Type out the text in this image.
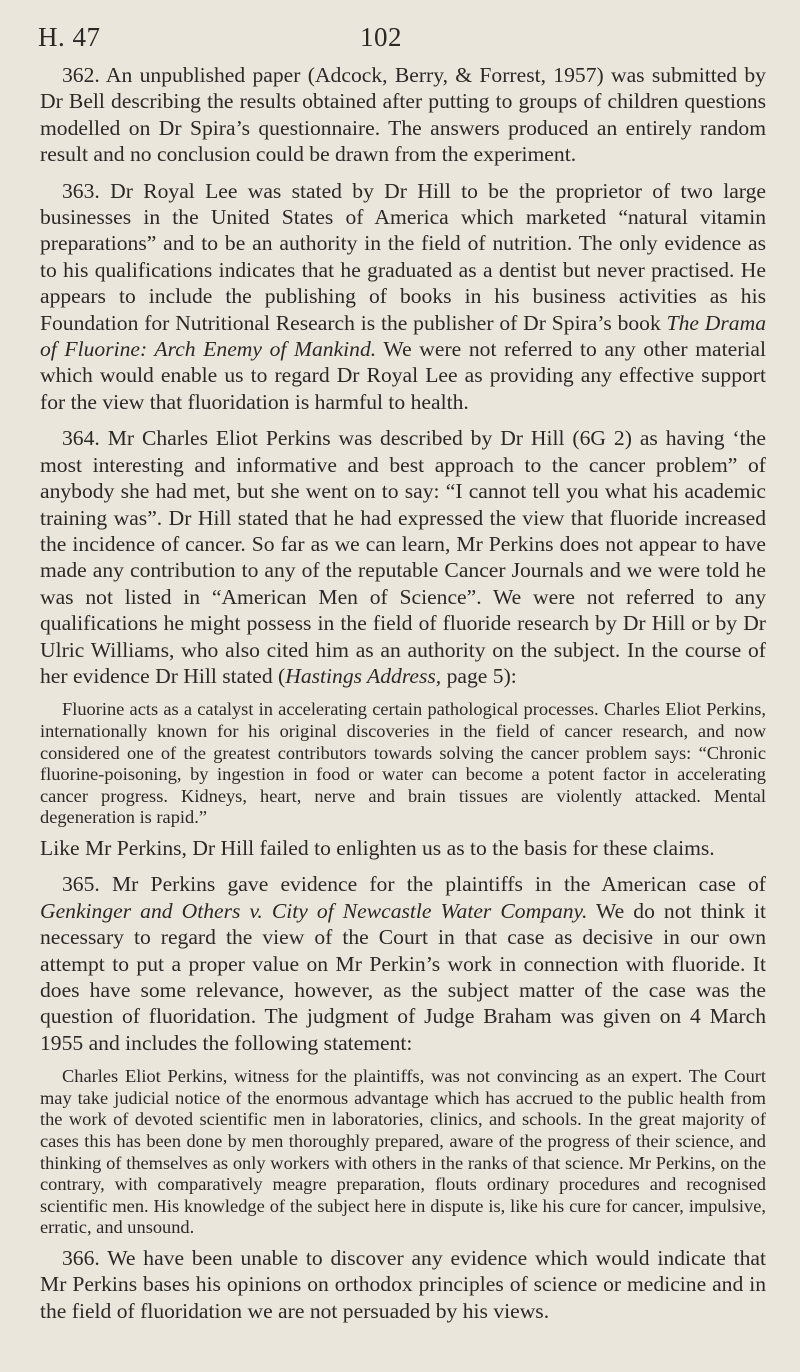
H. 47	102

362. An unpublished paper (Adcock, Berry, & Forrest, 1957) was submitted by Dr Bell describing the results obtained after putting to groups of children questions modelled on Dr Spira’s questionnaire. The answers produced an entirely random result and no conclusion could be drawn from the experiment.

363. Dr Royal Lee was stated by Dr Hill to be the proprietor of two large businesses in the United States of America which marketed “natural vitamin preparations” and to be an authority in the field of nutrition. The only evidence as to his qualifications indicates that he graduated as a dentist but never practised. He appears to include the publishing of books in his business activities as his Foundation for Nutritional Research is the publisher of Dr Spira’s book The Drama of Fluorine: Arch Enemy of Mankind. We were not referred to any other material which would enable us to regard Dr Royal Lee as providing any effective support for the view that fluoridation is harmful to health.

364. Mr Charles Eliot Perkins was described by Dr Hill (6G 2) as having ‘the most interesting and informative and best approach to the cancer problem” of anybody she had met, but she went on to say: “I cannot tell you what his academic training was”. Dr Hill stated that he had expressed the view that fluoride increased the incidence of cancer. So far as we can learn, Mr Perkins does not appear to have made any contribution to any of the reputable Cancer Journals and we were told he was not listed in “American Men of Science”. We were not referred to any qualifications he might possess in the field of fluoride research by Dr Hill or by Dr Ulric Williams, who also cited him as an authority on the subject. In the course of her evidence Dr Hill stated (Hastings Address, page 5):

Fluorine acts as a catalyst in accelerating certain pathological processes. Charles Eliot Perkins, internationally known for his original discoveries in the field of cancer research, and now considered one of the greatest contributors towards solving the cancer problem says: “Chronic fluorine-poisoning, by ingestion in food or water can become a potent factor in accelerating cancer progress. Kidneys, heart, nerve and brain tissues are violently attacked. Mental degeneration is rapid.”

Like Mr Perkins, Dr Hill failed to enlighten us as to the basis for these claims.

365. Mr Perkins gave evidence for the plaintiffs in the American case of Genkinger and Others v. City of Newcastle Water Company. We do not think it necessary to regard the view of the Court in that case as decisive in our own attempt to put a proper value on Mr Perkin’s work in connection with fluoride. It does have some relevance, however, as the subject matter of the case was the question of fluoridation. The judgment of Judge Braham was given on 4 March 1955 and includes the following statement:

Charles Eliot Perkins, witness for the plaintiffs, was not convincing as an expert. The Court may take judicial notice of the enormous advantage which has accrued to the public health from the work of devoted scientific men in laboratories, clinics, and schools. In the great majority of cases this has been done by men thoroughly prepared, aware of the progress of their science, and thinking of themselves as only workers with others in the ranks of that science. Mr Perkins, on the contrary, with comparatively meagre preparation, flouts ordinary procedures and recognised scientific men. His knowledge of the subject here in dispute is, like his cure for cancer, impulsive, erratic, and unsound.

366. We have been unable to discover any evidence which would indicate that Mr Perkins bases his opinions on orthodox principles of science or medicine and in the field of fluoridation we are not persuaded by his views.
